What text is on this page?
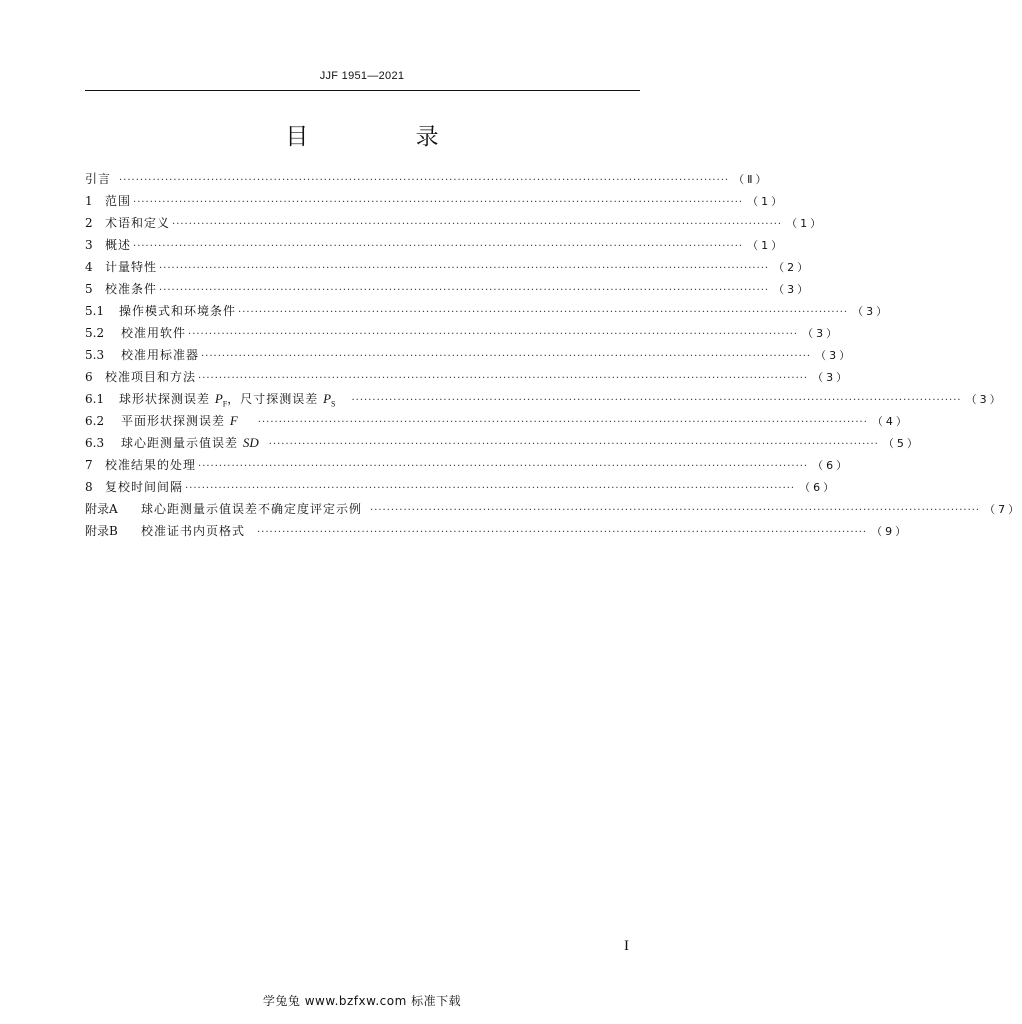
JJF 1951—2021
目 录
引言 ·················································································································································· （Ⅱ）
1	范围 ·················································································································································· （1）
2	术语和定义 ·················································································································································· （1）
3	概述 ·················································································································································· （1）
4	计量特性 ·················································································································································· （2）
5	校准条件 ·················································································································································· （3）
5.1	操作模式和环境条件 ·················································································································································· （3）
5.2	校准用软件 ·················································································································································· （3）
5.3	校准用标准器 ·················································································································································· （3）
6	校准项目和方法 ·················································································································································· （3）
6.1	球形状探测误差 $P_F$，尺寸探测误差 $P_S$ ·················································································································································· （3）
6.2	平面形状探测误差 F ·················································································································································· （4）
6.3	球心距测量示值误差 SD ·················································································································································· （5）
7	校准结果的处理 ·················································································································································· （6）
8	复校时间间隔 ·················································································································································· （6）
附录A	球心距测量示值误差不确定度评定示例 ·················································································································································· （7）
附录B	校准证书内页格式 ·················································································································································· （9）
I
学兔兔 www.bzfxw.com 标准下载
